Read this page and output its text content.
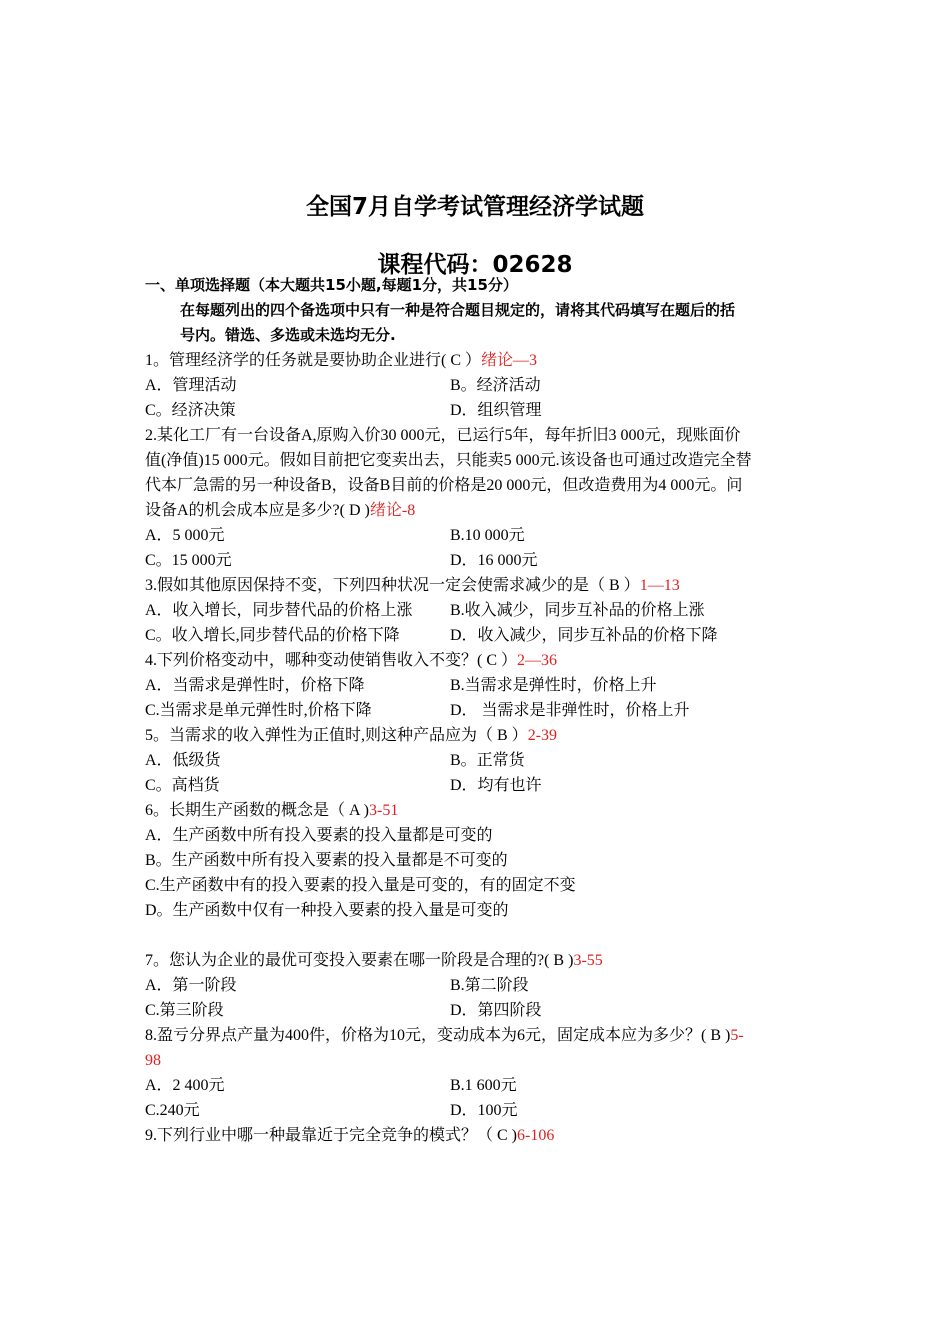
全国7月自学考试管理经济学试题
课程代码：02628
一、单项选择题（本大题共15小题,每题1分，共15分）
在每题列出的四个备选项中只有一种是符合题目规定的，请将其代码填写在题后的括
号内。错选、多选或未选均无分.
1。管理经济学的任务就是要协助企业进行( C ）绪论—3
A．管理活动	B。经济活动
C。经济决策	D．组织管理
2.某化工厂有一台设备A,原购入价30 000元，已运行5年，每年折旧3 000元，现账面价
值(净值)15 000元。假如目前把它变卖出去，只能卖5 000元.该设备也可通过改造完全替
代本厂急需的另一种设备B，设备B目前的价格是20 000元，但改造费用为4 000元。问
设备A的机会成本应是多少?( D )绪论-8
A．5 000元	B.10 000元
C。15 000元	D．16 000元
3.假如其他原因保持不变，下列四种状况一定会使需求减少的是（ B ）1—13
A．收入增长，同步替代品的价格上涨 B.收入减少，同步互补品的价格上涨
C。收入增长,同步替代品的价格下降	D．收入减少，同步互补品的价格下降
4.下列价格变动中，哪种变动使销售收入不变？( C ）2—36
A．当需求是弹性时，价格下降	B.当需求是弹性时，价格上升
C.当需求是单元弹性时,价格下降	D． 当需求是非弹性时，价格上升
5。当需求的收入弹性为正值时,则这种产品应为（ B ）2-39
A．低级货	B。正常货
C。高档货	D．均有也许
6。长期生产函数的概念是（ A )3-51
A．生产函数中所有投入要素的投入量都是可变的
B。生产函数中所有投入要素的投入量都是不可变的
C.生产函数中有的投入要素的投入量是可变的，有的固定不变
D。生产函数中仅有一种投入要素的投入量是可变的
7。您认为企业的最优可变投入要素在哪一阶段是合理的?( B )3-55
A．第一阶段	B.第二阶段
C.第三阶段	D．第四阶段
8.盈亏分界点产量为400件，价格为10元，变动成本为6元，固定成本应为多少？( B )5-
98
A．2 400元	B.1 600元
C.240元	D．100元
9.下列行业中哪一种最靠近于完全竞争的模式？（ C )6-106
